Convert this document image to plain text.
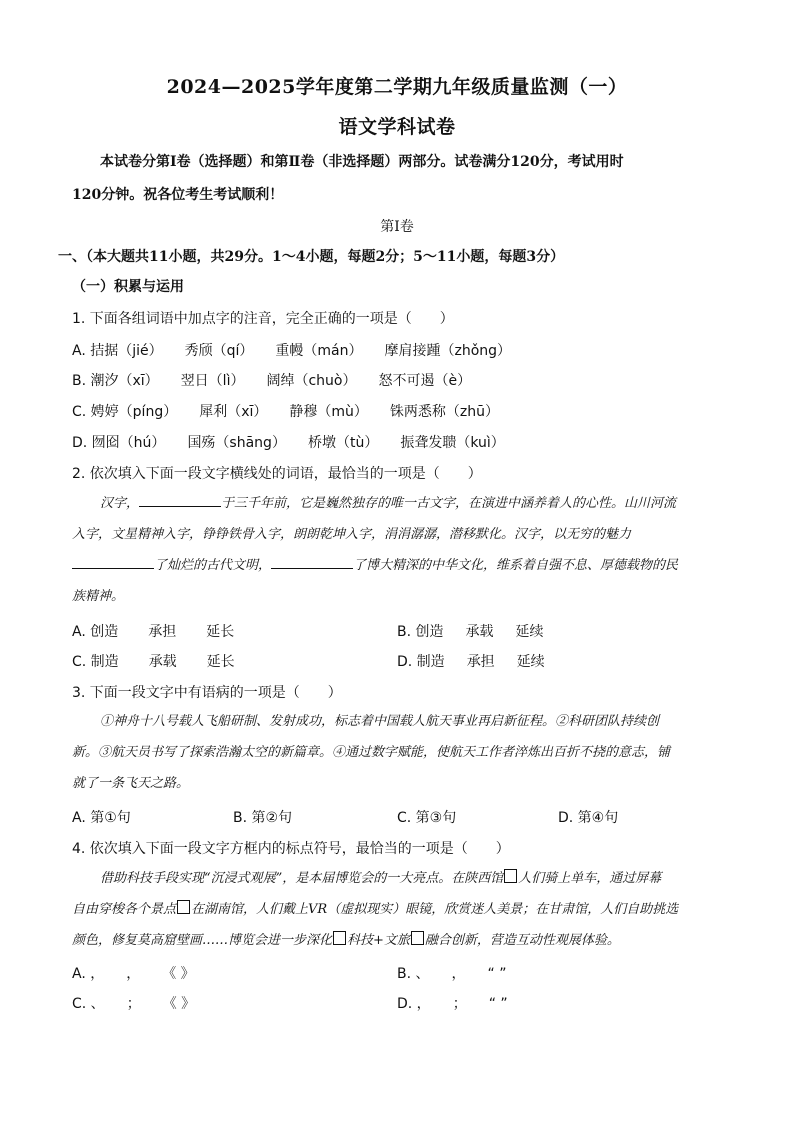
2024—2025学年度第二学期九年级质量监测（一）
语文学科试卷
本试卷分第Ⅰ卷（选择题）和第Ⅱ卷（非选择题）两部分。试卷满分120分，考试用时
120分钟。祝各位考生考试顺利！
第Ⅰ卷
一、（本大题共11小题，共29分。1～4小题，每题2分；5～11小题，每题3分）
（一）积累与运用
1. 下面各组词语中加点字的注音，完全正确的一项是（　　）
A. 拮据（jié） 秀颀（qí） 重幔（mán） 摩肩接踵（zhǒng）
B. 潮汐（xī） 翌日（lì） 阔绰（chuò） 怒不可遏（è）
C. 娉婷（píng） 犀利（xī） 静穆（mù） 铢两悉称（zhū）
D. 囫囵（hú） 国殇（shāng） 桥墩（tù） 振聋发聩（kuì）
2. 依次填入下面一段文字横线处的词语，最恰当的一项是（　　）
汉字，	于三千年前，它是巍然独存的唯一古文字，在演进中涵养着人的心性。山川河流
入字，文星精神入字，铮铮铁骨入字，朗朗乾坤入字，涓涓潺潺，潜移默化。汉字，以无穷的魅力
了灿烂的古代文明，	了博大精深的中华文化，维系着自强不息、厚德载物的民
族精神。
A. 创造 承担 延长	B. 创造 承载 延续
C. 制造 承载 延长	D. 制造 承担 延续
3. 下面一段文字中有语病的一项是（　　）
①神舟十八号载人飞船研制、发射成功，标志着中国载人航天事业再启新征程。②科研团队持续创
新。③航天员书写了探索浩瀚太空的新篇章。④通过数字赋能，使航天工作者淬炼出百折不挠的意志，铺
就了一条飞天之路。
A. 第①句	B. 第②句	C. 第③句	D. 第④句
4. 依次填入下面一段文字方框内的标点符号，最恰当的一项是（　　）
借助科技手段实现“沉浸式观展”，是本届博览会的一大亮点。在陕西馆 人们骑上单车，通过屏幕
自由穿梭各个景点 在湖南馆，人们戴上VR（虚拟现实）眼镜，欣赏迷人美景；在甘肃馆，人们自助挑选
颜色，修复莫高窟壁画……博览会进一步深化 科技+文旅 融合创新，营造互动性观展体验。
A. ， ， 《 》	B. 、 ， “ ”
C. 、 ； 《 》	D. ， ； “ ”
